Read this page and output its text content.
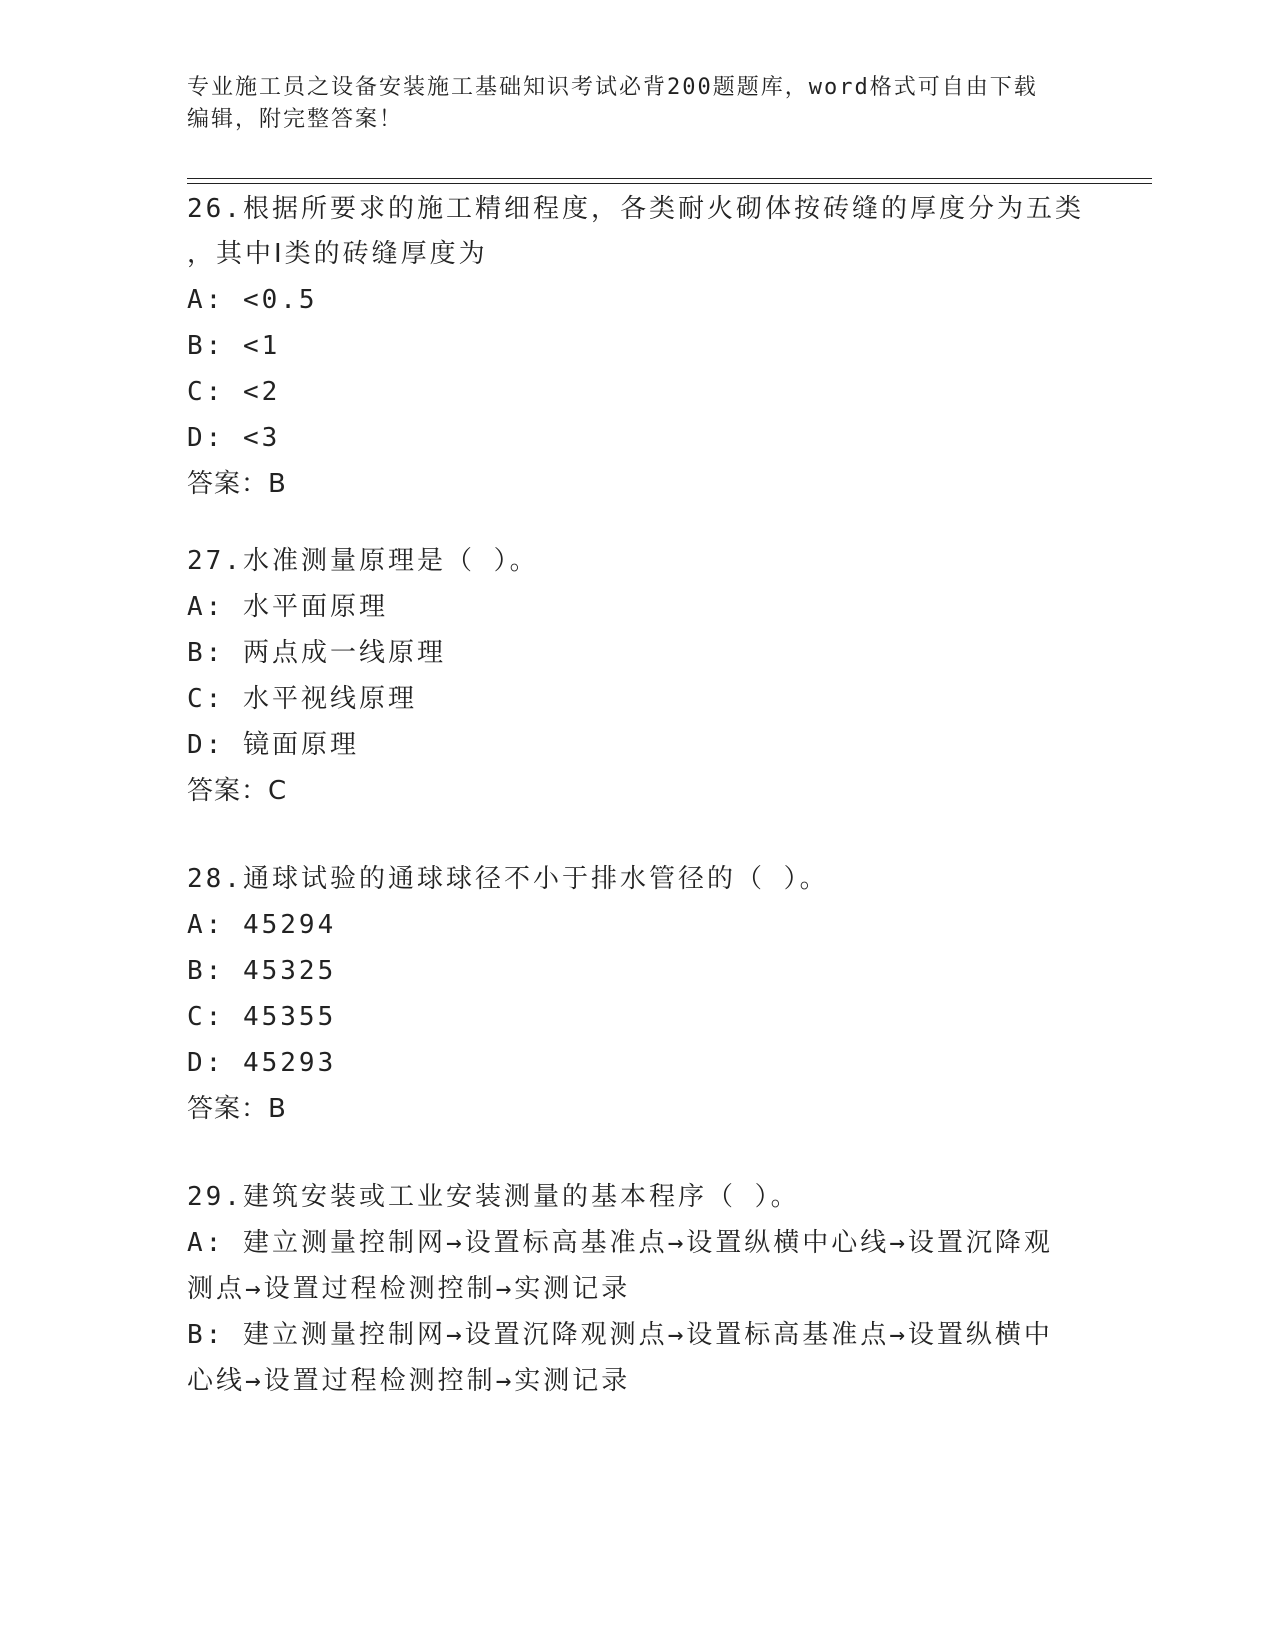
专业施工员之设备安装施工基础知识考试必背200题题库，word格式可自由下载
编辑，附完整答案！
26.根据所要求的施工精细程度，各类耐火砌体按砖缝的厚度分为五类
，其中Ⅰ类的砖缝厚度为
A: <0.5
B: <1
C: <2
D: <3
答案：B
27.水准测量原理是（ ）。
A: 水平面原理
B: 两点成一线原理
C: 水平视线原理
D: 镜面原理
答案：C
28.通球试验的通球球径不小于排水管径的（ ）。
A: 45294
B: 45325
C: 45355
D: 45293
答案：B
29.建筑安装或工业安装测量的基本程序（ ）。
A: 建立测量控制网→设置标高基准点→设置纵横中心线→设置沉降观
测点→设置过程检测控制→实测记录
B: 建立测量控制网→设置沉降观测点→设置标高基准点→设置纵横中
心线→设置过程检测控制→实测记录
